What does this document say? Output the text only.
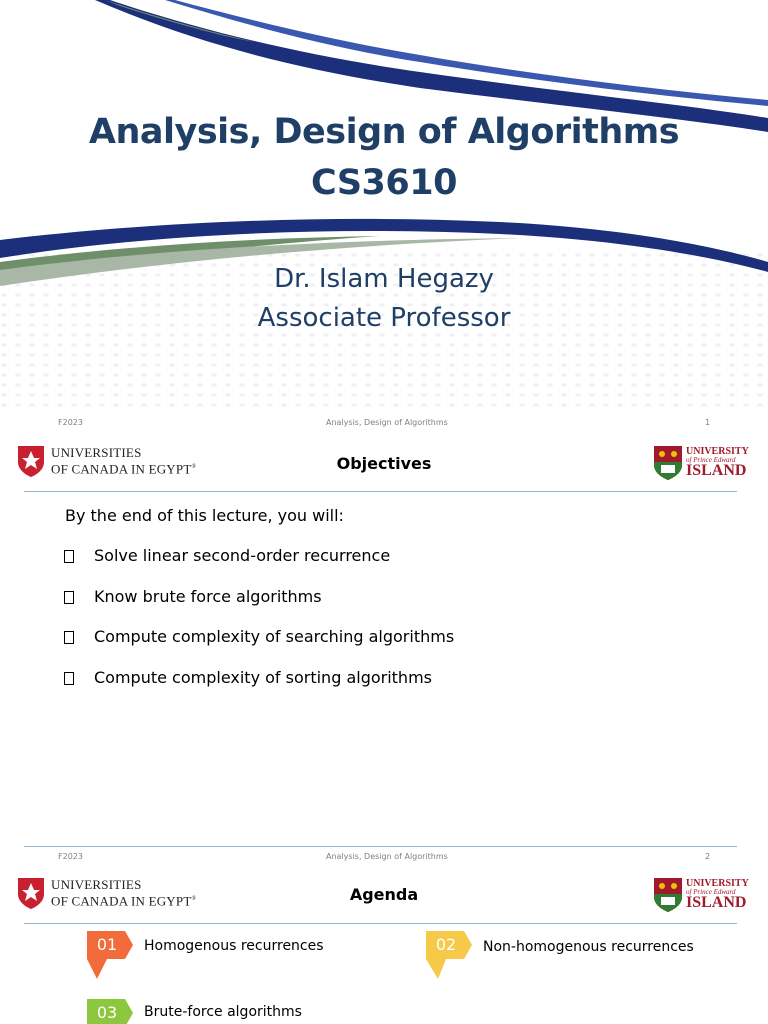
Analysis, Design of Algorithms
CS3610
Dr. Islam Hegazy
Associate Professor
F2023	Analysis, Design of Algorithms	1
UNIVERSITIES
OF CANADA IN EGYPT®	Objectives
UNIVERSITY
of Prince Edward
ISLAND
By the end of this lecture, you will:
Solve linear second-order recurrence
Know brute force algorithms
Compute complexity of searching algorithms
Compute complexity of sorting algorithms
F2023	Analysis, Design of Algorithms	2
UNIVERSITIES
OF CANADA IN EGYPT®	Agenda
UNIVERSITY
of Prince Edward
ISLAND
01	Homogenous recurrences	02	Non-homogenous recurrences
03	Brute-force algorithms
